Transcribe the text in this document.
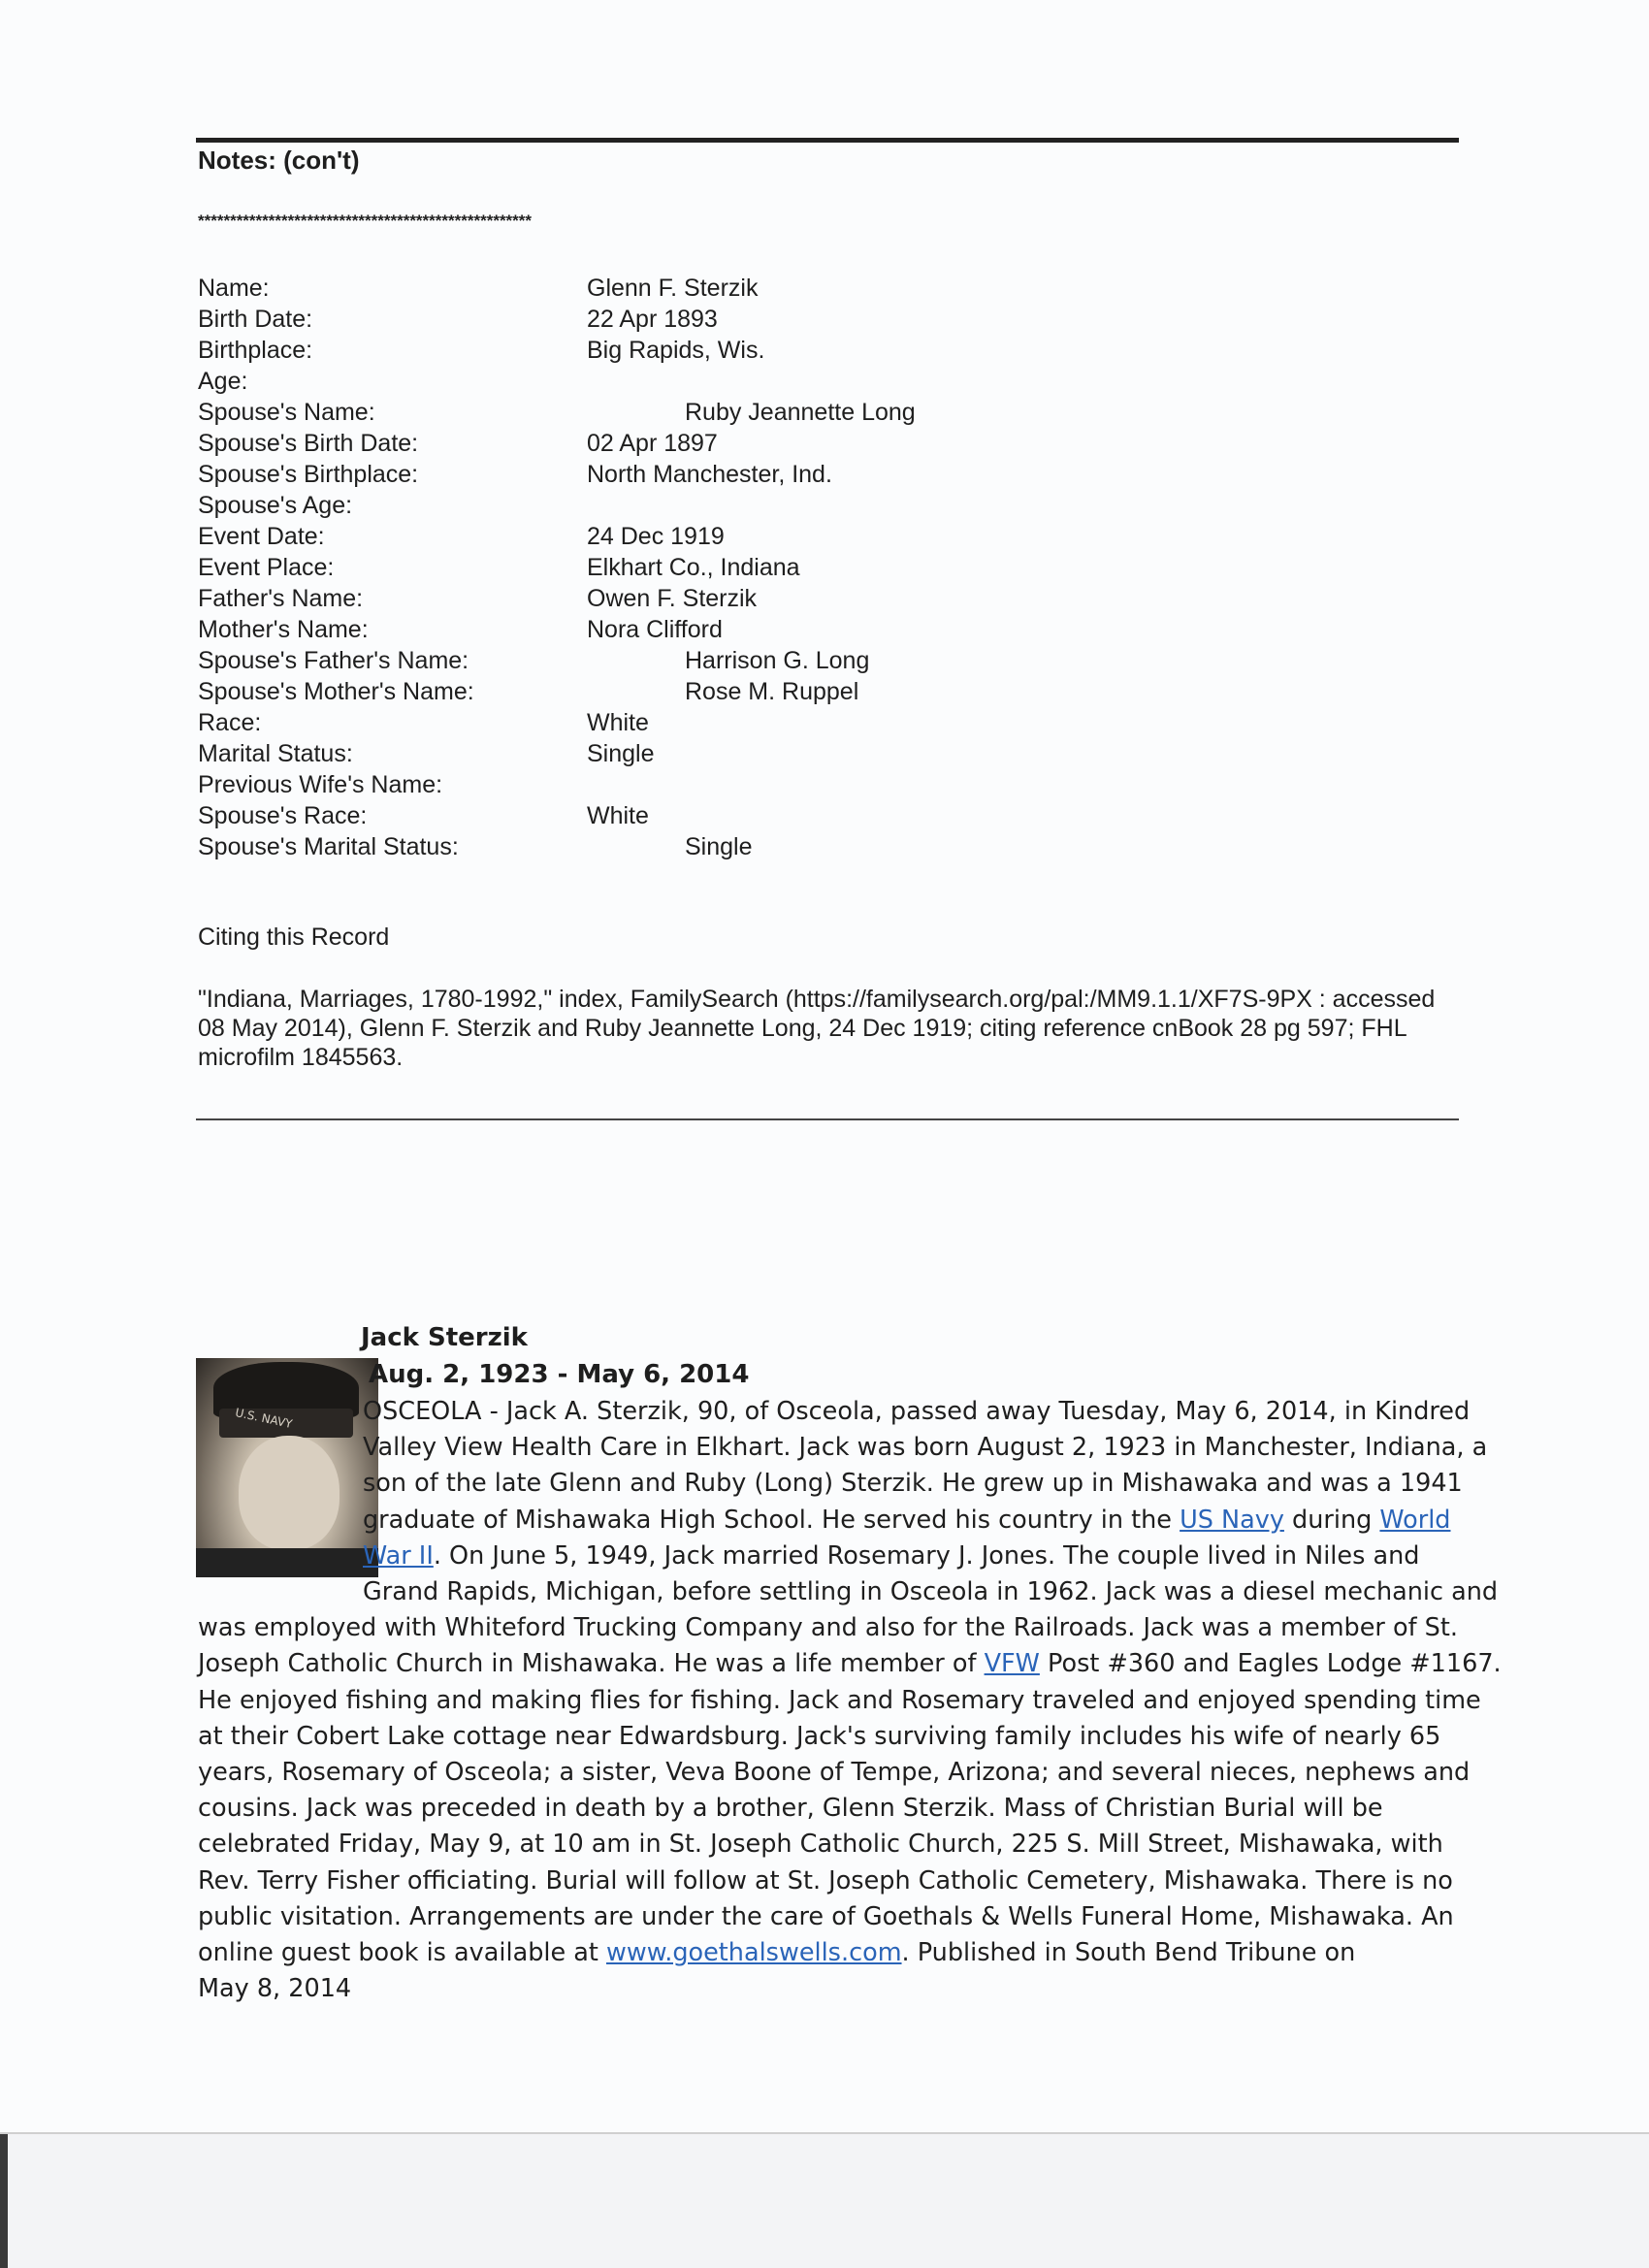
Notes: (con't)
****************************************************
Name:	Glenn F. Sterzik
Birth Date:	22 Apr 1893
Birthplace:	Big Rapids, Wis.
Age:
Spouse's Name:	Ruby Jeannette Long
Spouse's Birth Date:	02 Apr 1897
Spouse's Birthplace:	North Manchester, Ind.
Spouse's Age:
Event Date:	24 Dec 1919
Event Place:	Elkhart Co., Indiana
Father's Name:	Owen F. Sterzik
Mother's Name:	Nora Clifford
Spouse's Father's Name:	Harrison G. Long
Spouse's Mother's Name:	Rose M. Ruppel
Race:	White
Marital Status:	Single
Previous Wife's Name:
Spouse's Race:	White
Spouse's Marital Status:	Single
Citing this Record
"Indiana, Marriages, 1780-1992," index, FamilySearch (https://familysearch.org/pal:/MM9.1.1/XF7S-9PX : accessed 08 May 2014), Glenn F. Sterzik and Ruby Jeannette Long, 24 Dec 1919; citing reference cnBook 28 pg 597; FHL microfilm 1845563.
U.S. NAVY
Jack Sterzik
Aug. 2, 1923 - May 6, 2014
OSCEOLA - Jack A. Sterzik, 90, of Osceola, passed away Tuesday, May 6, 2014, in Kindred
Valley View Health Care in Elkhart. Jack was born August 2, 1923 in Manchester, Indiana, a
son of the late Glenn and Ruby (Long) Sterzik. He grew up in Mishawaka and was a 1941
graduate of Mishawaka High School. He served his country in the US Navy during World
War II. On June 5, 1949, Jack married Rosemary J. Jones. The couple lived in Niles and
Grand Rapids, Michigan, before settling in Osceola in 1962. Jack was a diesel mechanic and
was employed with Whiteford Trucking Company and also for the Railroads. Jack was a member of St.
Joseph Catholic Church in Mishawaka. He was a life member of VFW Post #360 and Eagles Lodge #1167.
He enjoyed fishing and making flies for fishing. Jack and Rosemary traveled and enjoyed spending time
at their Cobert Lake cottage near Edwardsburg. Jack's surviving family includes his wife of nearly 65
years, Rosemary of Osceola; a sister, Veva Boone of Tempe, Arizona; and several nieces, nephews and
cousins. Jack was preceded in death by a brother, Glenn Sterzik. Mass of Christian Burial will be
celebrated Friday, May 9, at 10 am in St. Joseph Catholic Church, 225 S. Mill Street, Mishawaka, with
Rev. Terry Fisher officiating. Burial will follow at St. Joseph Catholic Cemetery, Mishawaka. There is no
public visitation. Arrangements are under the care of Goethals & Wells Funeral Home, Mishawaka. An
online guest book is available at www.goethalswells.com. Published in South Bend Tribune on
May 8, 2014
